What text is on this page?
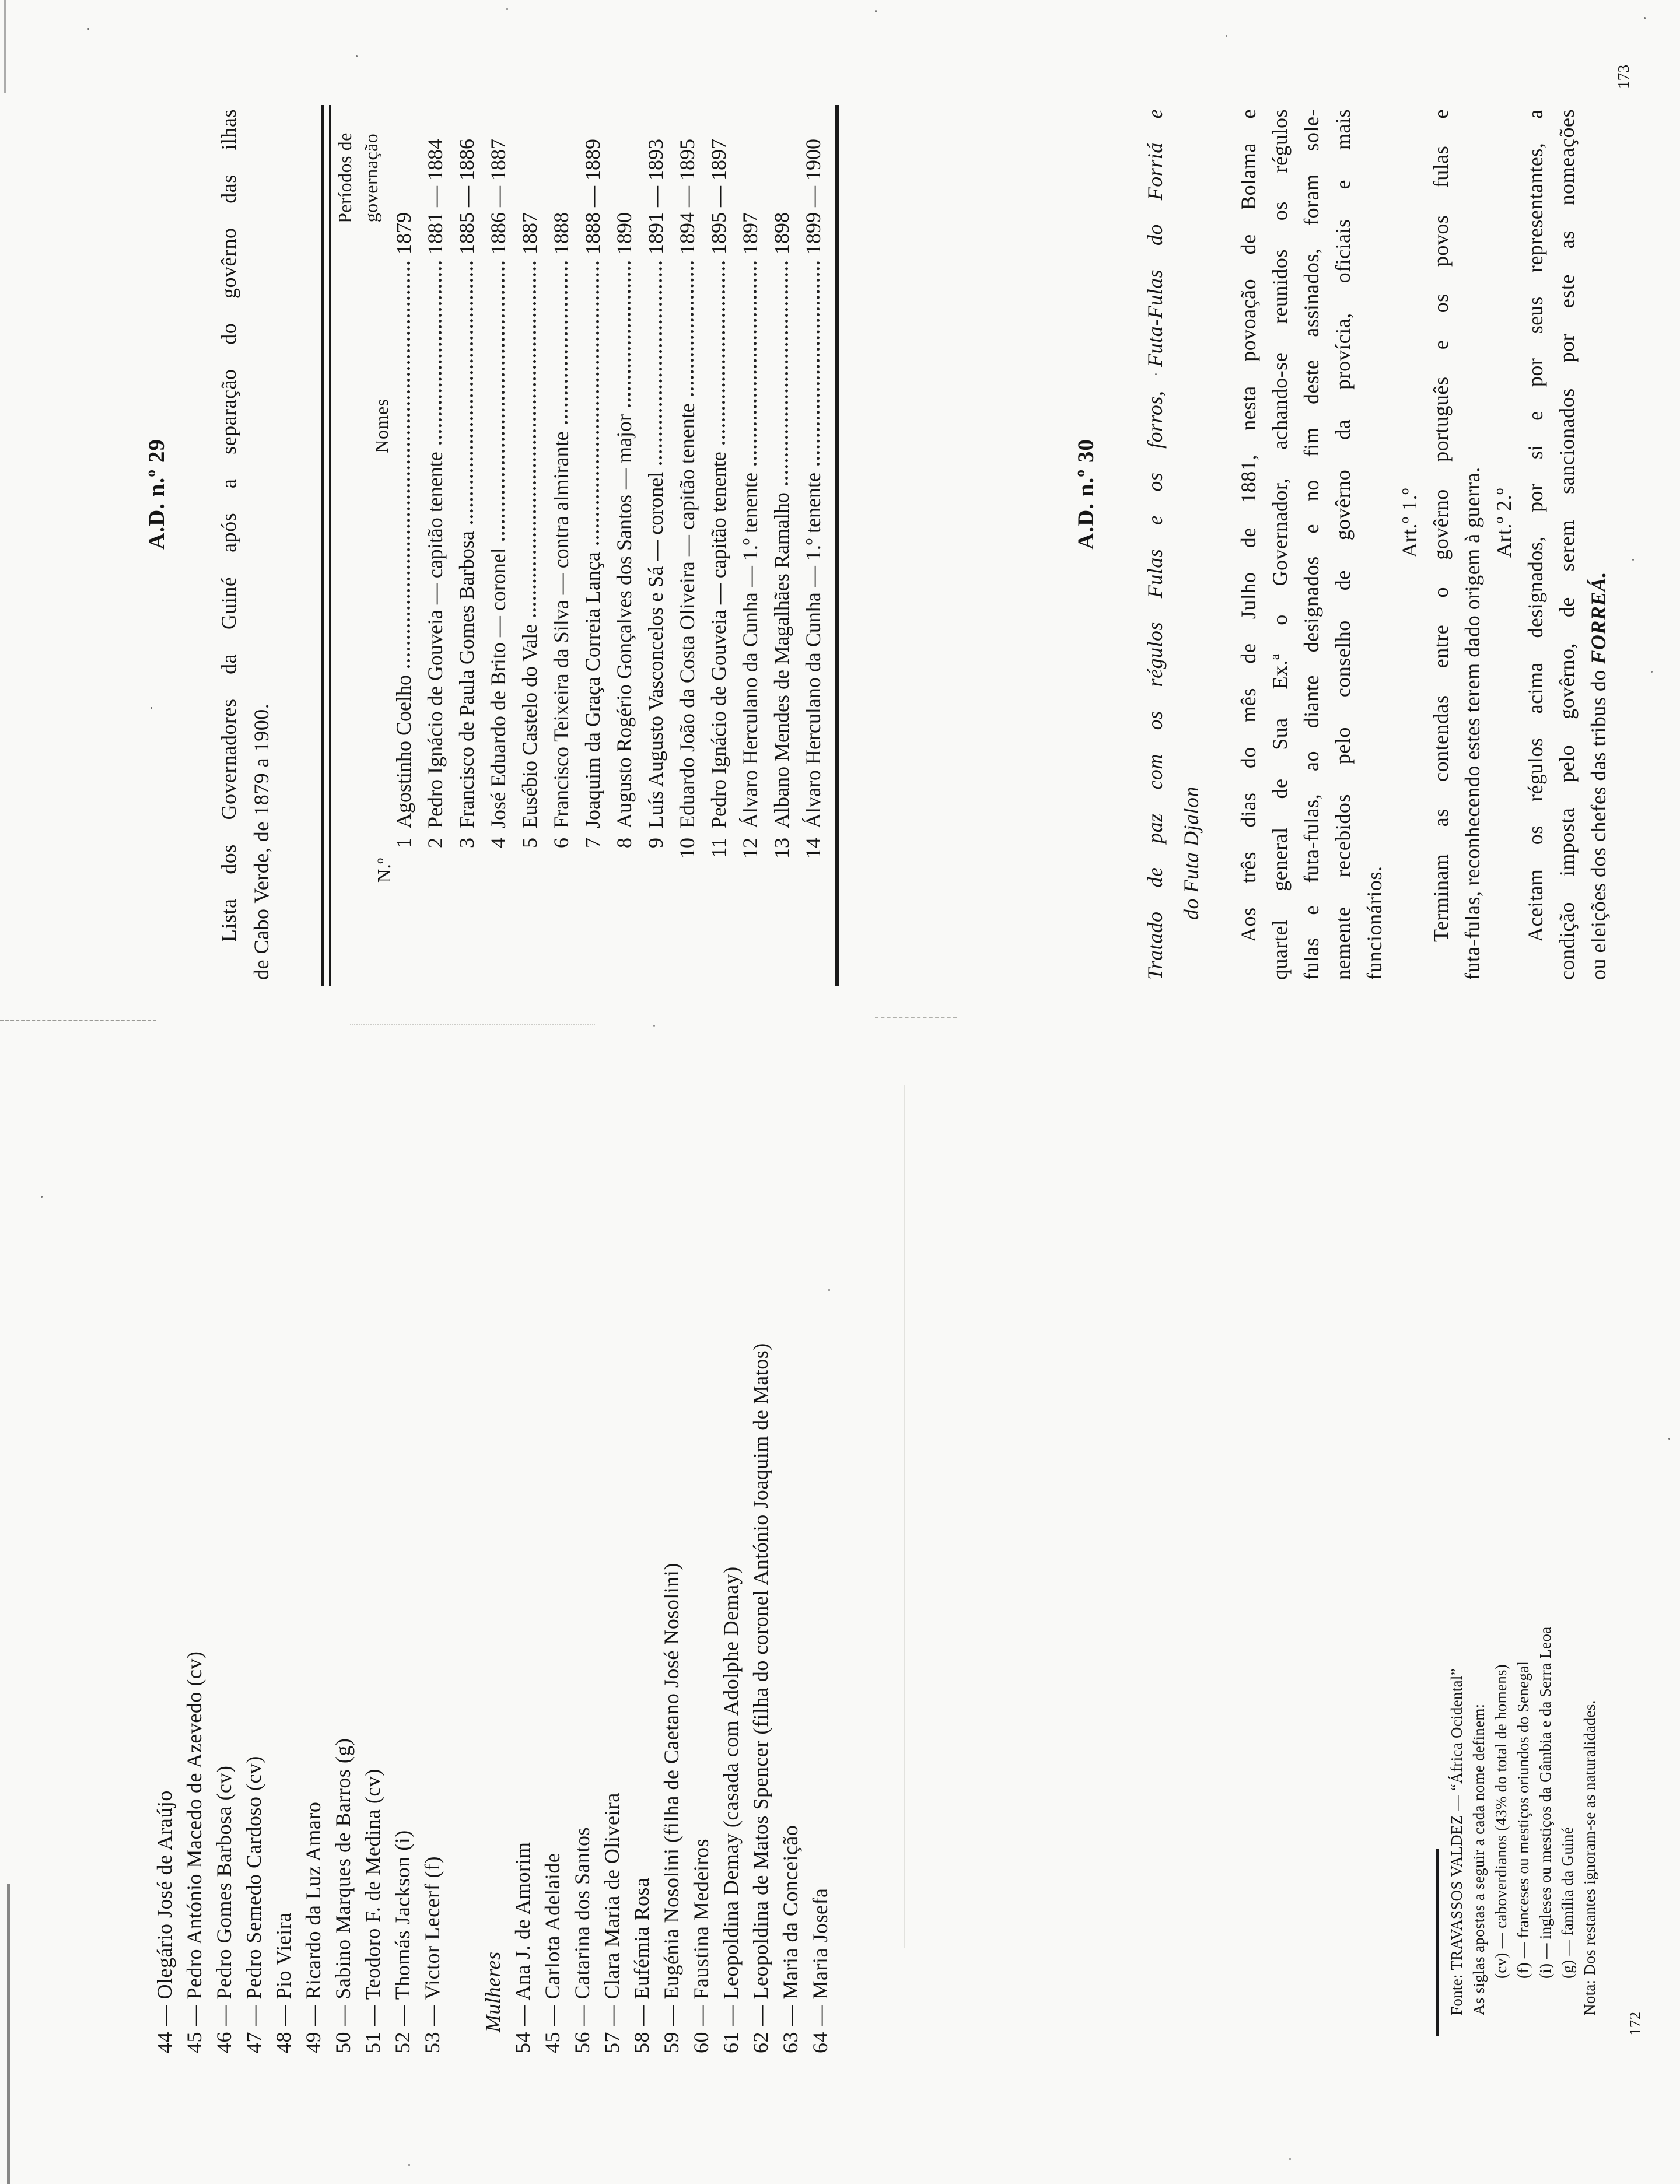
A.D. n.º 29 Lista dos Governadores da Guiné após a separação do govêrno das ilhas de Cabo Verde, de 1879 a 1900.	N.º
Nomes
Períodos de governação
1
Agostinho Coelho
1879
2
Pedro Ignácio de Gouveia — capitão tenente
1881 — 1884
3
Francisco de Paula Gomes Barbosa
1885 — 1886
4
José Eduardo de Brito — coronel
1886 — 1887
5
Eusébio Castelo do Vale
1887
6
Francisco Teixeira da Silva — contra almirante
1888
7
Joaquim da Graça Correia Lança
1888 — 1889
8
Augusto Rogério Gonçalves dos Santos — major
1890
9
Luís Augusto Vasconcelos e Sá — coronel
1891 — 1893
10
Eduardo João da Costa Oliveira — capitão tenente
1894 — 1895
11
Pedro Ignácio de Gouveia — capitão tenente
1895 — 1897
12
Álvaro Herculano da Cunha — 1.º tenente
1897
13
Albano Mendes de Magalhães Ramalho
1898
14
Álvaro Herculano da Cunha — 1.º tenente
1899 — 1900
A.D. n.º 30 Tratado de paz com os régulos Fulas e os forros, Futa-Fulas do Forriá e do Futa Djalon Aos três dias do mês de Julho de 1881, nesta povoação de Bolama e quartel general de Sua Ex.ª o Governador, achando-se reunidos os régulos fulas e futa-fulas, ao diante designados e no fim deste assinados, foram sole- nemente recebidos pelo conselho de govêrno da provícia, oficiais e mais funcionários.
Art.º 1.º Terminam as contendas entre o govêrno português e os povos fulas e futa-fulas, reconhecendo estes terem dado origem à guerra. Art.º 2.º Aceitam os régulos acima designados, por si e por seus representantes, a condição imposta pelo govêrno, de serem sancionados por este as nomeações ou eleições dos chefes das tribus do FORREÁ.
173
44 — Olegário José de Araújo 45 — Pedro António Macedo de Azevedo (cv) 46 — Pedro Gomes Barbosa (cv) 47 — Pedro Semedo Cardoso (cv) 48 — Pio Vieira 49 — Ricardo da Luz Amaro 50 — Sabino Marques de Barros (g) 51 — Teodoro F. de Medina (cv) 52 — Thomás Jackson (i) 53 — Victor Lecerf (f) Mulheres 54 — Ana J. de Amorim 45 — Carlota Adelaide 56 — Catarina dos Santos 57 — Clara Maria de Oliveira 58 — Eufémia Rosa 59 — Eugénia Nosolini (filha de Caetano José Nosolini) 60 — Faustina Medeiros 61 — Leopoldina Demay (casada com Adolphe Demay) 62 — Leopoldina de Matos Spencer (filha do coronel António Joaquim de Matos) 63 — Maria da Conceição 64 — Maria Josefa	Fonte: TRAVASSOS VALDEZ — “África Ocidental” As siglas apostas a seguir a cada nome definem: (cv) — caboverdianos (43% do total de homens) (f) — franceses ou mestiços oriundos do Senegal (i) — ingleses ou mestiços da Gâmbia e da Serra Leoa (g) — família da Guiné Nota: Dos restantes ignoram-se as naturalidades.
172
